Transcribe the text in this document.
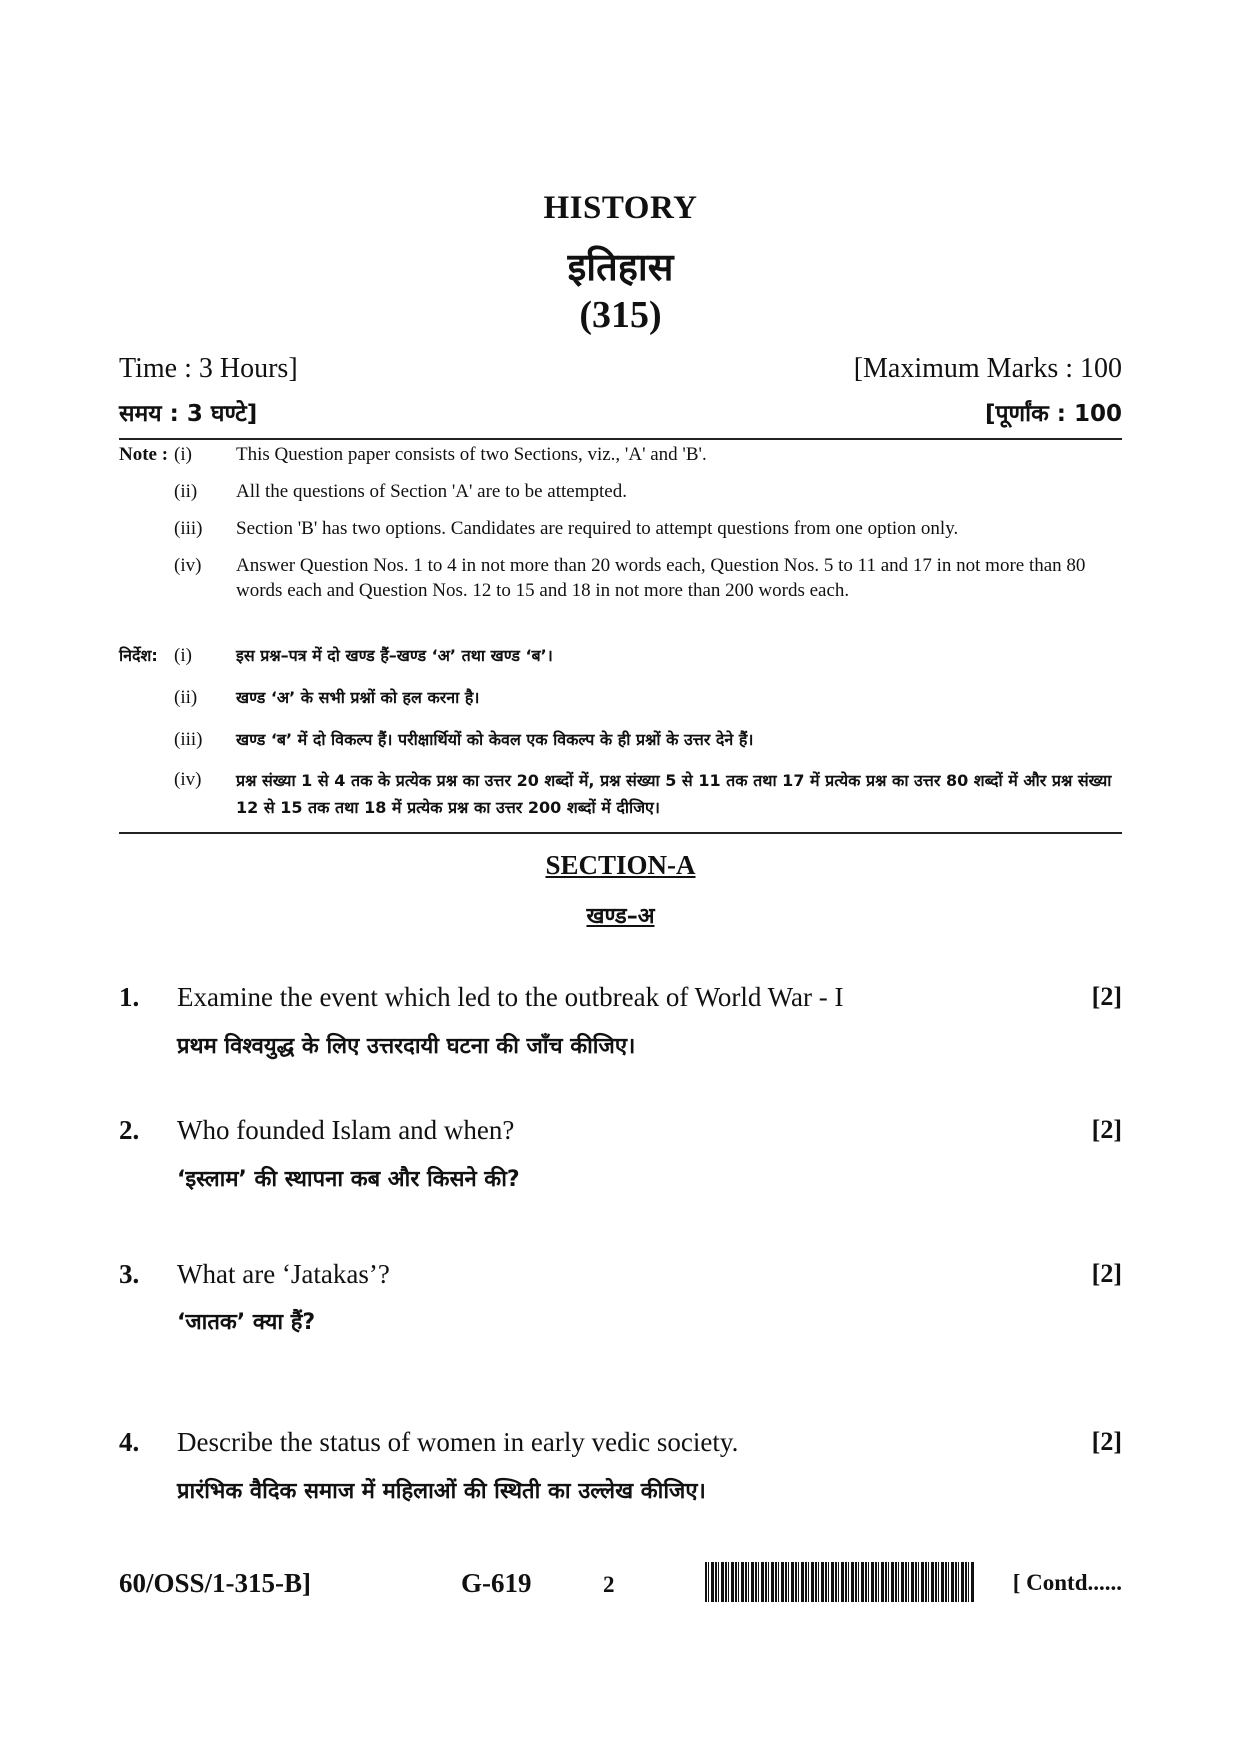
HISTORY
इतिहास
(315)
Time : 3 Hours]	[Maximum Marks : 100
समय : 3 घण्टे]	[पूर्णांक : 100
Note : (i)	This Question paper consists of two Sections, viz., 'A' and 'B'.
(ii)	All the questions of Section 'A' are to be attempted.
(iii)	Section 'B' has two options. Candidates are required to attempt questions from one option only.
(iv)	Answer Question Nos. 1 to 4 in not more than 20 words each, Question Nos. 5 to 11 and 17 in not more than 80 words each and Question Nos. 12 to 15 and 18 in not more than 200 words each.
निर्देश: (i)	इस प्रश्न–पत्र में दो खण्ड हैं–खण्ड ‘अ’ तथा खण्ड ‘ब’।
(ii)	खण्ड ‘अ’ के सभी प्रश्नों को हल करना है।
(iii)	खण्ड ‘ब’ में दो विकल्प हैं। परीक्षार्थियों को केवल एक विकल्प के ही प्रश्नों के उत्तर देने हैं।
(iv)	प्रश्न संख्या 1 से 4 तक के प्रत्येक प्रश्न का उत्तर 20 शब्दों में, प्रश्न संख्या 5 से 11 तक तथा 17 में प्रत्येक प्रश्न का उत्तर 80 शब्दों में और प्रश्न संख्या 12 से 15 तक तथा 18 में प्रत्येक प्रश्न का उत्तर 200 शब्दों में दीजिए।
SECTION-A
खण्ड–अ
1. Examine the event which led to the outbreak of World War - I	[2]
प्रथम विश्वयुद्ध के लिए उत्तरदायी घटना की जाँच कीजिए।
2. Who founded Islam and when?	[2]
‘इस्लाम’ की स्थापना कब और किसने की?
3. What are ‘Jatakas’?	[2]
‘जातक’ क्या हैं?
4. Describe the status of women in early vedic society.	[2]
प्रारंभिक वैदिक समाज में महिलाओं की स्थिती का उल्लेख कीजिए।
60/OSS/1-315-B]	G-619	2	[ Contd......
